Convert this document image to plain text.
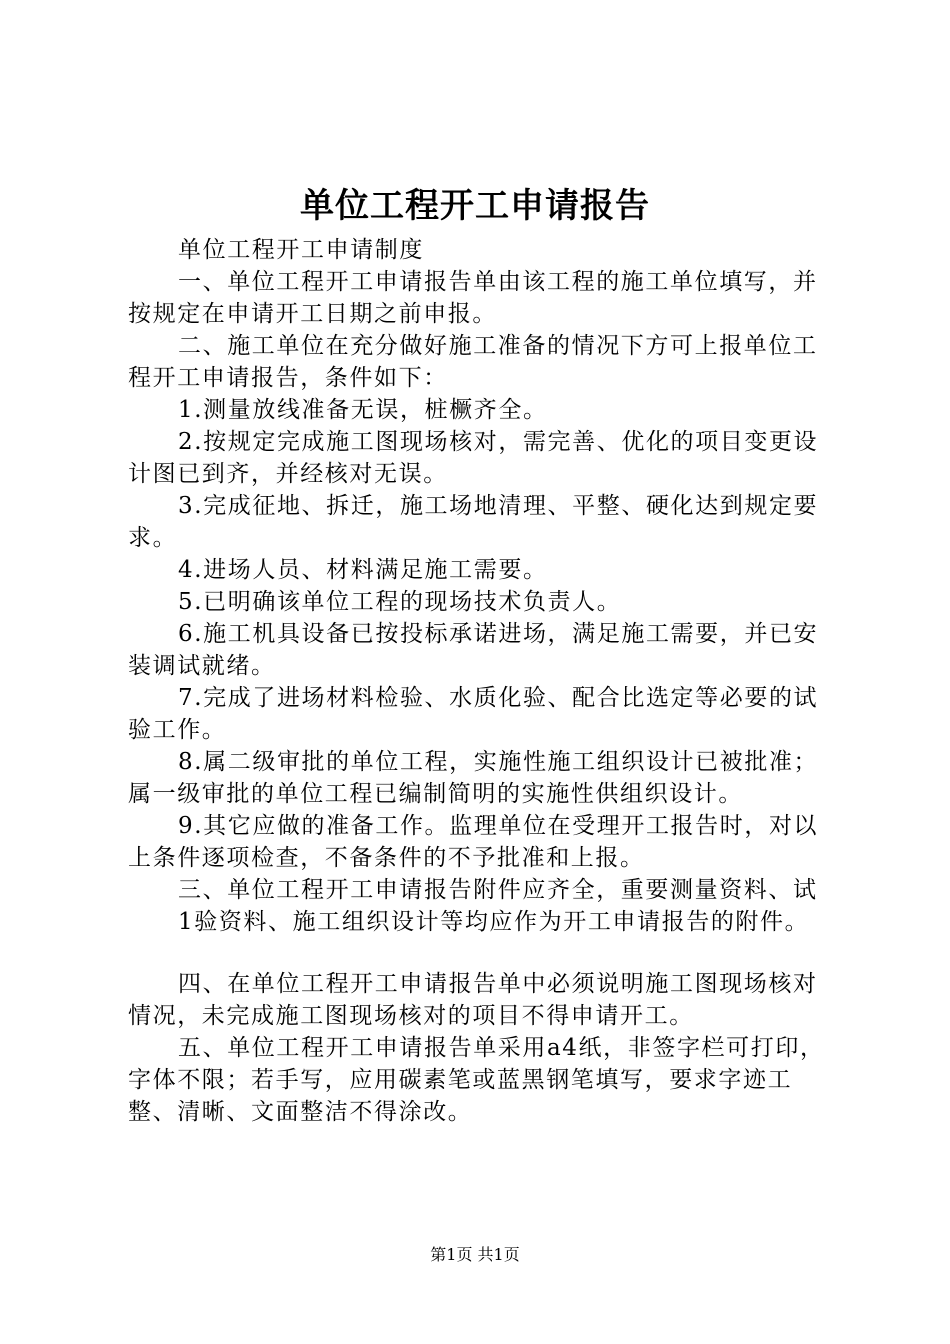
单位工程开工申请报告

单位工程开工申请制度

一、单位工程开工申请报告单由该工程的施工单位填写，并按规定在申请开工日期之前申报。

二、施工单位在充分做好施工准备的情况下方可上报单位工程开工申请报告，条件如下：

1.测量放线准备无误，桩橛齐全。

2.按规定完成施工图现场核对，需完善、优化的项目变更设计图已到齐，并经核对无误。

3.完成征地、拆迁，施工场地清理、平整、硬化达到规定要求。

4.进场人员、材料满足施工需要。

5.已明确该单位工程的现场技术负责人。

6.施工机具设备已按投标承诺进场，满足施工需要，并已安装调试就绪。

7.完成了进场材料检验、水质化验、配合比选定等必要的试验工作。

8.属二级审批的单位工程，实施性施工组织设计已被批准；属一级审批的单位工程已编制简明的实施性供组织设计。

9.其它应做的准备工作。监理单位在受理开工报告时，对以上条件逐项检查，不备条件的不予批准和上报。

三、单位工程开工申请报告附件应齐全，重要测量资料、试

1验资料、施工组织设计等均应作为开工申请报告的附件。

四、在单位工程开工申请报告单中必须说明施工图现场核对情况，未完成施工图现场核对的项目不得申请开工。

五、单位工程开工申请报告单采用a4纸，非签字栏可打印，字体不限；若手写，应用碳素笔或蓝黑钢笔填写，要求字迹工整、清晰、文面整洁不得涂改。

第1页 共1页
